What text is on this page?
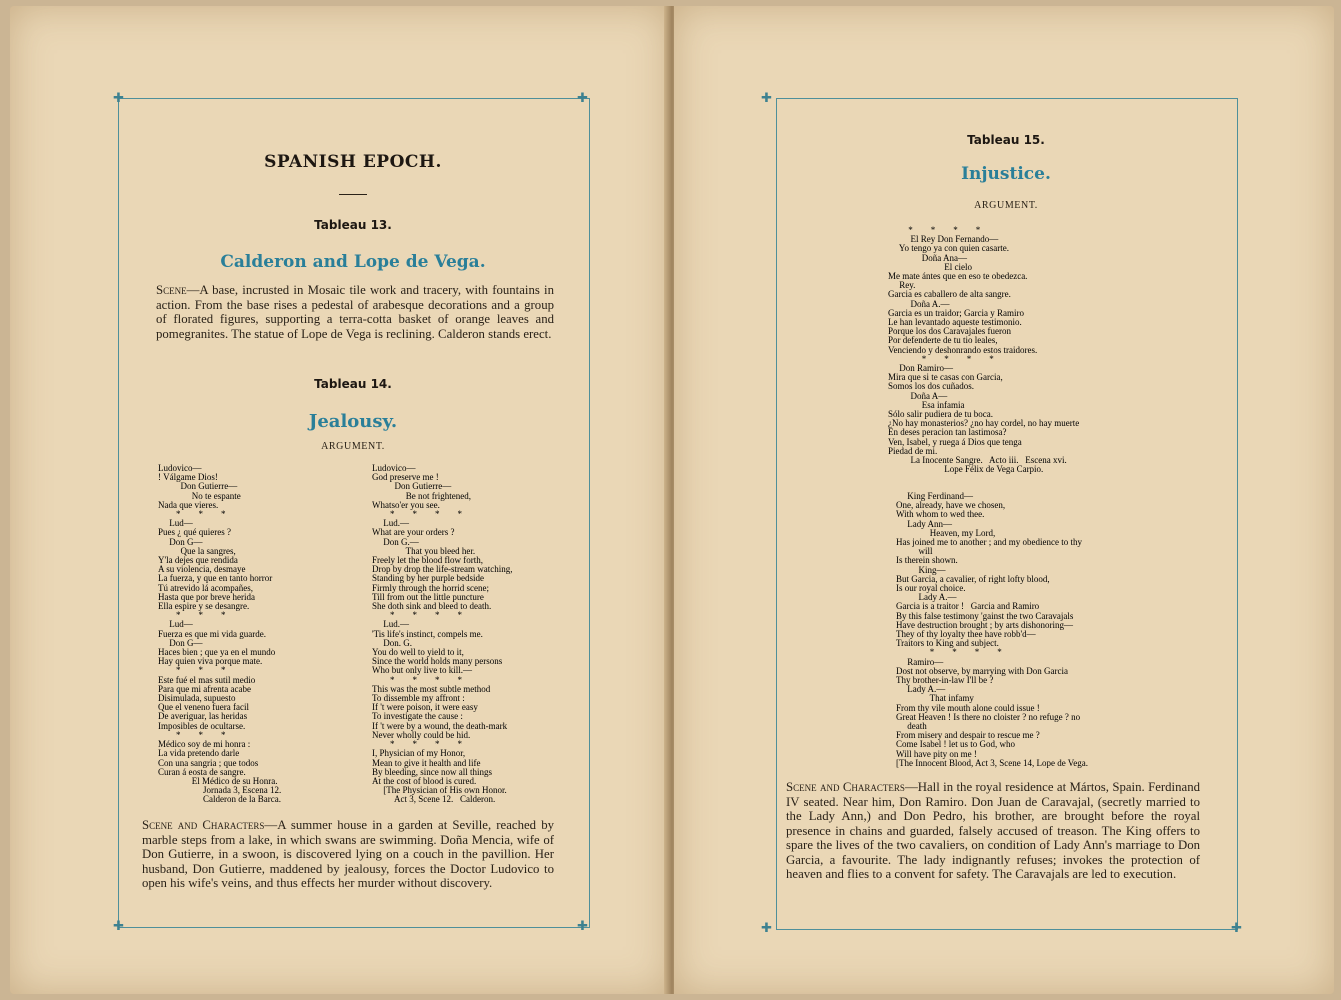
✚	✚
✚	✚
SPANISH EPOCH.
Tableau 13.
Calderon and Lope de Vega.
Scene—A base, incrusted in Mosaic tile work and tracery, with fountains in action. From the base rises a pedestal of arabesque decorations and a group of florated figures, supporting a terra-cotta basket of orange leaves and pomegranites. The statue of Lope de Vega is reclining. Calderon stands erect.
Tableau 14.
Jealousy.
ARGUMENT.
Ludovico—
! Válgame Dios!
Don Gutierre—
No te espante
Nada que vieres.
*        *        *
Lud—
Pues ¿ qué quieres ?
Don G—
Que la sangres,
Y'la dejes que rendida
A su violencia, desmaye
La fuerza, y que en tanto horror
Tú atrevido lá acompañes,
Hasta que por breve herida
Ella espire y se desangre.
*        *        *
Lud—
Fuerza es que mi vida guarde.
Don G—
Haces bien ; que ya en el mundo
Hay quien viva porque mate.
*        *        *
Este fué el mas sutil medio
Para que mi afrenta acabe
Disimulada, supuesto
Que el veneno fuera facil
De averiguar, las heridas
Imposibles de ocultarse.
*        *        *
Médico soy de mi honra :
La vida pretendo darle
Con una sangria ; que todos
Curan á eosta de sangre.
El Médico de su Honra.
Jornada 3, Escena 12.
Calderon de la Barca.
Ludovico—
God preserve me !
Don Gutierre—
Be not frightened,
Whatso'er you see.
*        *        *        *
Lud.—
What are your orders ?
Don G.—
That you bleed her.
Freely let the blood flow forth,
Drop by drop the life-stream watching,
Standing by her purple bedside
Firmly through the horrid scene;
Till from out the little puncture
She doth sink and bleed to death.
*        *        *        *
Lud.—
'Tis life's instinct, compels me.
Don. G.
You do well to yield to it,
Since the world holds many persons
Who but only live to kill.—
*        *        *        *
This was the most subtle method
To dissemble my affront :
If 't were poison, it were easy
To investigate the cause :
If 't were by a wound, the death-mark
Never wholly could be hid.
*        *        *        *
I, Physician of my Honor,
Mean to give it health and life
By bleeding, since now all things
At the cost of blood is cured.
[The Physician of His own Honor.
Act 3, Scene 12.   Calderon.
Scene and Characters—A summer house in a garden at Seville, reached by marble steps from a lake, in which swans are swimming. Doña Mencia, wife of Don Gutierre, in a swoon, is discovered lying on a couch in the pavillion. Her husband, Don Gutierre, maddened by jealousy, forces the Doctor Ludovico to open his wife's veins, and thus effects her murder without discovery.
✚
✚	✚
Tableau 15.
Injustice.
ARGUMENT.
*        *        *        *
El Rey Don Fernando—
Yo tengo ya con quien casarte.
Doña Ana—
El cielo
Me mate ántes que en eso te obedezca.
Rey.
Garcia es caballero de alta sangre.
Doña A.—
Garcia es un traidor; Garcia y Ramiro
Le han levantado aqueste testimonio.
Porque los dos Caravajales fueron
Por defenderte de tu tio leales,
Venciendo y deshonrando estos traidores.
*        *        *        *
Don Ramiro—
Mira que si te casas con Garcia,
Somos los dos cuñados.
Doña A—
Esa infamia
Sólo salir pudiera de tu boca.
¿No hay monasterios? ¿no hay cordel, no hay muerte
En deses peracion tan lastimosa?
Ven, Isabel, y ruega á Dios que tenga
Piedad de mi.
La Inocente Sangre.   Acto iii.   Escena xvi.
Lope Félix de Vega Carpio.
King Ferdinand—
One, already, have we chosen,
With whom to wed thee.
Lady Ann—
Heaven, my Lord,
Has joined me to another ; and my obedience to thy
will
Is therein shown.
King—
But Garcia, a cavalier, of right lofty blood,
Is our royal choice.
Lady A.—
Garcia is a traitor !   Garcia and Ramiro
By this false testimony 'gainst the two Caravajals
Have destruction brought ; by arts dishonoring—
They of thy loyalty thee have robb'd—
Traitors to King and subject.
*        *        *        *
Ramiro—
Dost not observe, by marrying with Don Garcia
Thy brother-in-law I'll be ?
Lady A.—
That infamy
From thy vile mouth alone could issue !
Great Heaven ! Is there no cloister ? no refuge ? no
death
From misery and despair to rescue me ?
Come Isabel ! let us to God, who
Will have pity on me !
[The Innocent Blood, Act 3, Scene 14, Lope de Vega.
Scene and Characters—Hall in the royal residence at Mártos, Spain. Ferdinand IV seated. Near him, Don Ramiro. Don Juan de Caravajal, (secretly married to the Lady Ann,) and Don Pedro, his brother, are brought before the royal presence in chains and guarded, falsely accused of treason. The King offers to spare the lives of the two cavaliers, on condition of Lady Ann's marriage to Don Garcia, a favourite. The lady indignantly refuses; invokes the protection of heaven and flies to a convent for safety. The Caravajals are led to execution.
